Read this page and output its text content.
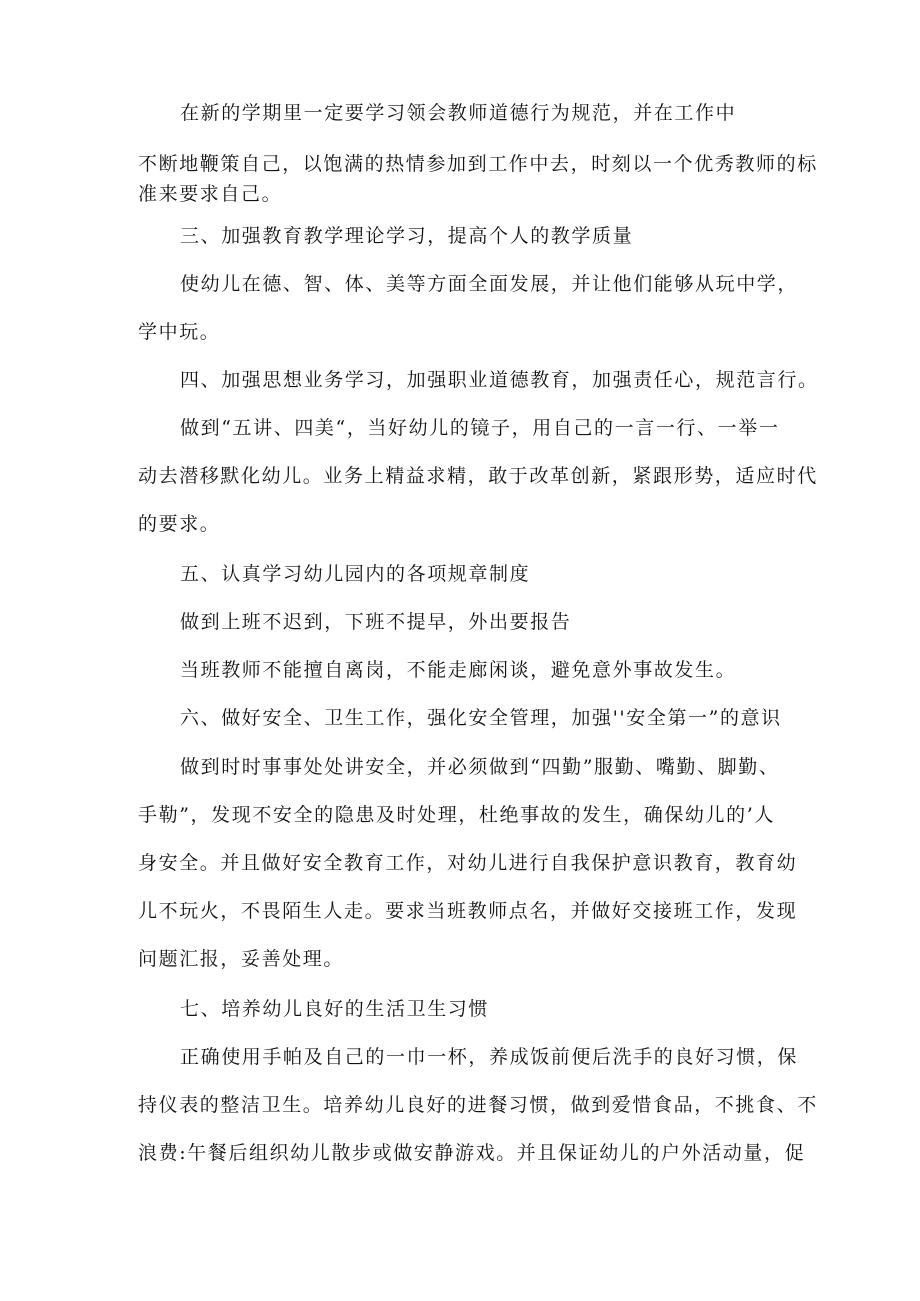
在新的学期里一定要学习领会教师道德行为规范，并在工作中
不断地鞭策自己，以饱满的热情参加到工作中去，时刻以一个优秀教师的标
准来要求自己。
三、加强教育教学理论学习，提高个人的教学质量
使幼儿在德、智、体、美等方面全面发展，并让他们能够从玩中学，
学中玩。
四、加强思想业务学习，加强职业道德教育，加强责任心，规范言行。
做到“五讲、四美“，当好幼儿的镜子，用自己的一言一行、一举一
动去潜移默化幼儿。业务上精益求精，敢于改革创新，紧跟形势，适应时代
的要求。
五、认真学习幼儿园内的各项规章制度
做到上班不迟到，下班不提早，外出要报告
当班教师不能擅自离岗，不能走廊闲谈，避免意外事故发生。
六、做好安全、卫生工作，强化安全管理，加强''安全第一”的意识
做到时时事事处处讲安全，并必须做到“四勤”服勤、嘴勤、脚勤、
手勒”，发现不安全的隐患及时处理，杜绝事故的发生，确保幼儿的’人
身安全。并且做好安全教育工作，对幼儿进行自我保护意识教育，教育幼
儿不玩火，不畏陌生人走。要求当班教师点名，并做好交接班工作，发现
问题汇报，妥善处理。
七、培养幼儿良好的生活卫生习惯
正确使用手帕及自己的一巾一杯，养成饭前便后洗手的良好习惯，保
持仪表的整洁卫生。培养幼儿良好的进餐习惯，做到爱惜食品，不挑食、不
浪费:午餐后组织幼儿散步或做安静游戏。并且保证幼儿的户外活动量，促
